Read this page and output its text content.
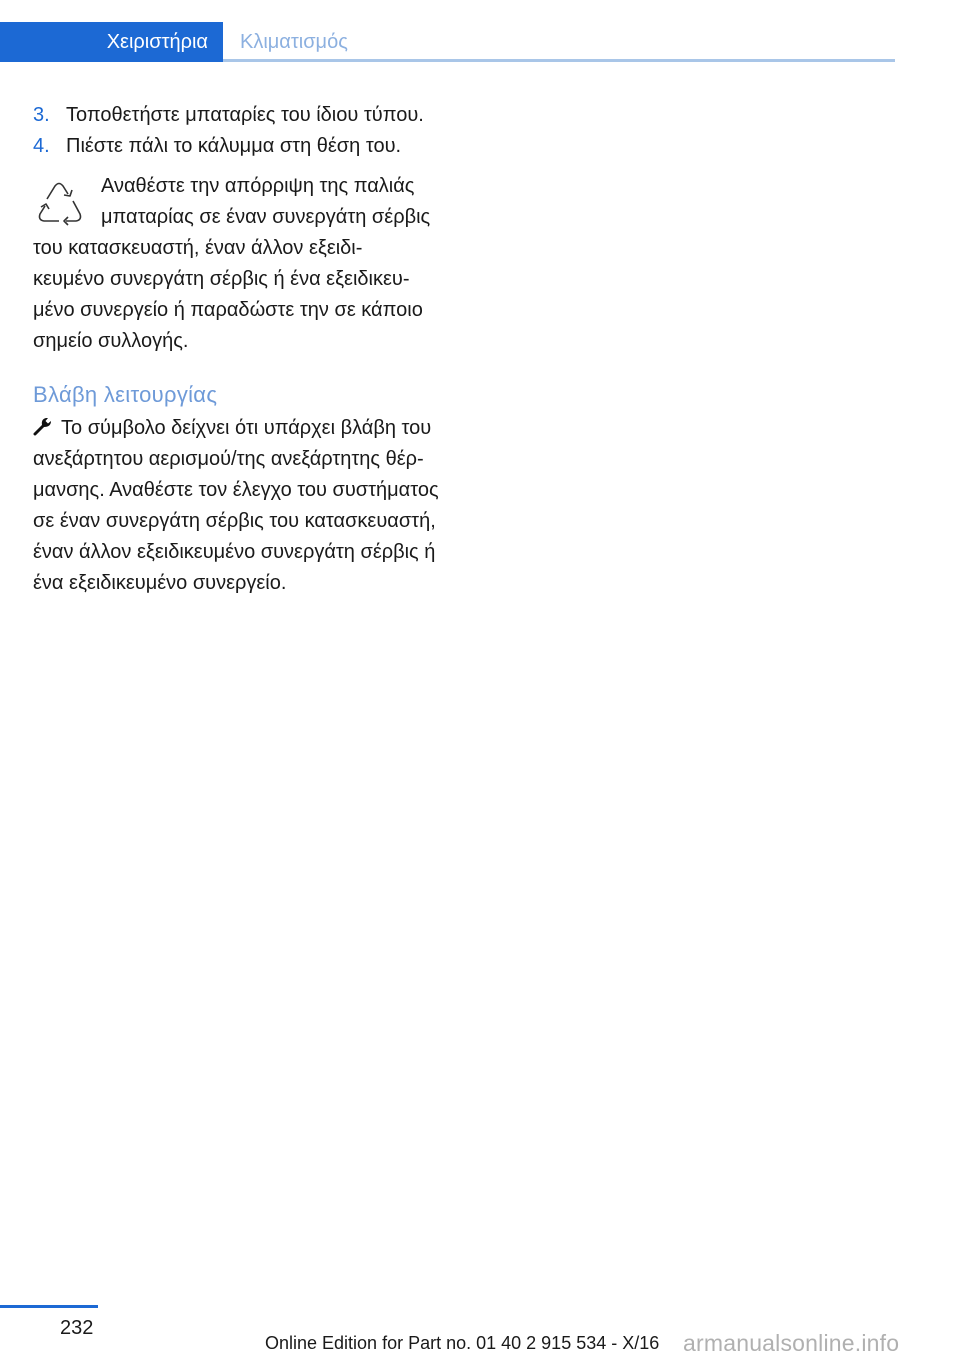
Χειριστήρια	Κλιματισμός
3. Τοποθετήστε μπαταρίες του ίδιου τύπου.
4. Πιέστε πάλι το κάλυμμα στη θέση του.
Αναθέστε την απόρριψη της παλιάς
μπαταρίας σε έναν συνεργάτη σέρβις
του κατασκευαστή, έναν άλλον εξειδι‐
κευμένο συνεργάτη σέρβις ή ένα εξειδικευ‐
μένο συνεργείο ή παραδώστε την σε κάποιο
σημείο συλλογής.
Βλάβη λειτουργίας
Το σύμβολο δείχνει ότι υπάρχει βλάβη του
ανεξάρτητου αερισμού/της ανεξάρτητης θέρ‐
μανσης. Αναθέστε τον έλεγχο του συστήματος
σε έναν συνεργάτη σέρβις του κατασκευαστή,
έναν άλλον εξειδικευμένο συνεργάτη σέρβις ή
ένα εξειδικευμένο συνεργείο.
232
Online Edition for Part no. 01 40 2 915 534 - X/16 armanualsonline.info
